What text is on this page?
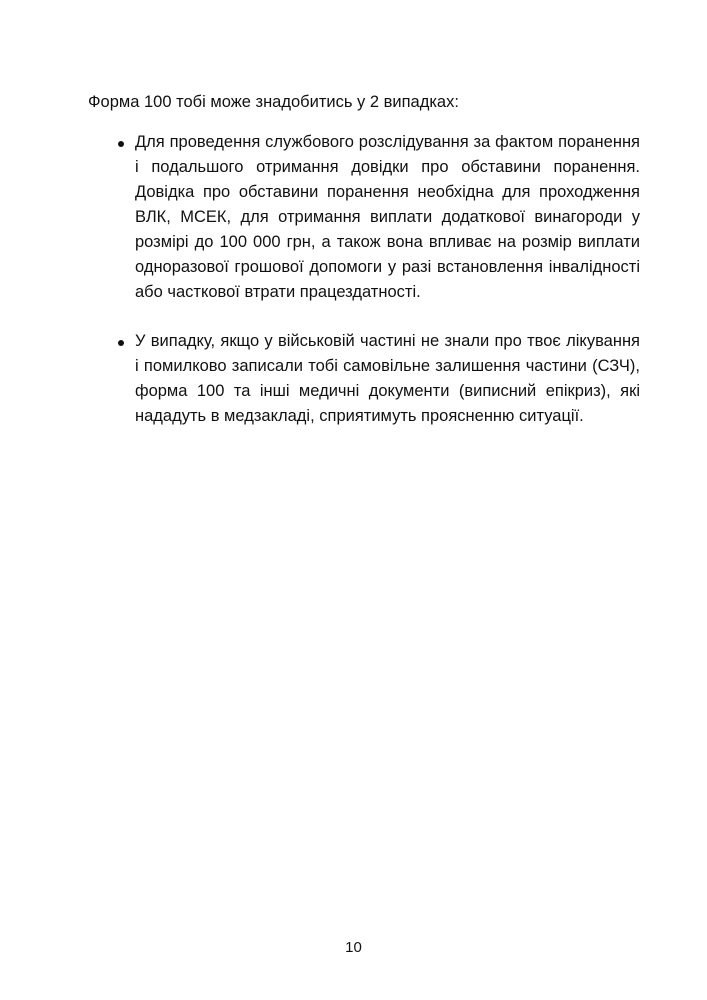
Форма 100 тобі може знадобитись у 2 випадках:

Для проведення службового розслідування за фактом поранення і подальшого отримання довідки про обставини поранення. Довідка про обставини поранення необхідна для проходження ВЛК, МСЕК, для отримання виплати додаткової винагороди у розмірі до 100 000 грн, а також вона впливає на розмір виплати одноразової грошової допомоги у разі встановлення інвалідності або часткової втрати працездатності.
У випадку, якщо у військовій частині не знали про твоє лікування і помилково записали тобі самовільне залишення частини (СЗЧ), форма 100 та інші медичні документи (виписний епікриз), які нададуть в медзакладі, сприятимуть проясненню ситуації.
10
